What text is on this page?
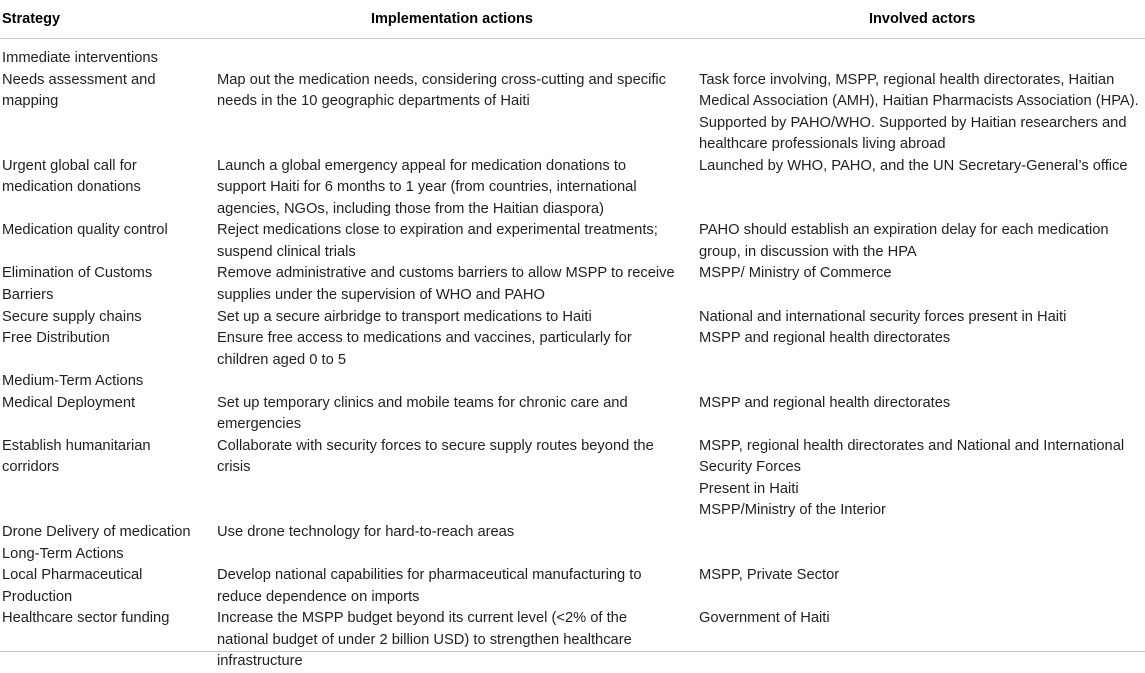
Strategy	Implementation actions	Involved actors
Immediate interventions
Needs assessment and
mapping

Urgent global call for
medication donations

Medication quality control

Elimination of Customs
Barriers
Secure supply chains
Free Distribution

Medium-Term Actions
Medical Deployment

Establish humanitarian
corridors

Drone Delivery of medication
Long-Term Actions
Local Pharmaceutical
Production
Healthcare sector funding

Map out the medication needs, considering cross-cutting and specific
needs in the 10 geographic departments of Haiti

Launch a global emergency appeal for medication donations to
support Haiti for 6 months to 1 year (from countries, international
agencies, NGOs, including those from the Haitian diaspora)
Reject medications close to expiration and experimental treatments;
suspend clinical trials
Remove administrative and customs barriers to allow MSPP to receive
supplies under the supervision of WHO and PAHO
Set up a secure airbridge to transport medications to Haiti
Ensure free access to medications and vaccines, particularly for
children aged 0 to 5

Set up temporary clinics and mobile teams for chronic care and
emergencies
Collaborate with security forces to secure supply routes beyond the
crisis

Use drone technology for hard-to-reach areas

Develop national capabilities for pharmaceutical manufacturing to
reduce dependence on imports
Increase the MSPP budget beyond its current level (<2% of the
national budget of under 2 billion USD) to strengthen healthcare
infrastructure

Task force involving, MSPP, regional health directorates, Haitian
Medical Association (AMH), Haitian Pharmacists Association (HPA).
Supported by PAHO/WHO. Supported by Haitian researchers and
healthcare professionals living abroad
Launched by WHO, PAHO, and the UN Secretary-General’s office

PAHO should establish an expiration delay for each medication
group, in discussion with the HPA
MSPP/ Ministry of Commerce

National and international security forces present in Haiti
MSPP and regional health directorates

MSPP and regional health directorates

MSPP, regional health directorates and National and International
Security Forces
Present in Haiti
MSPP/Ministry of the Interior

MSPP, Private Sector

Government of Haiti
